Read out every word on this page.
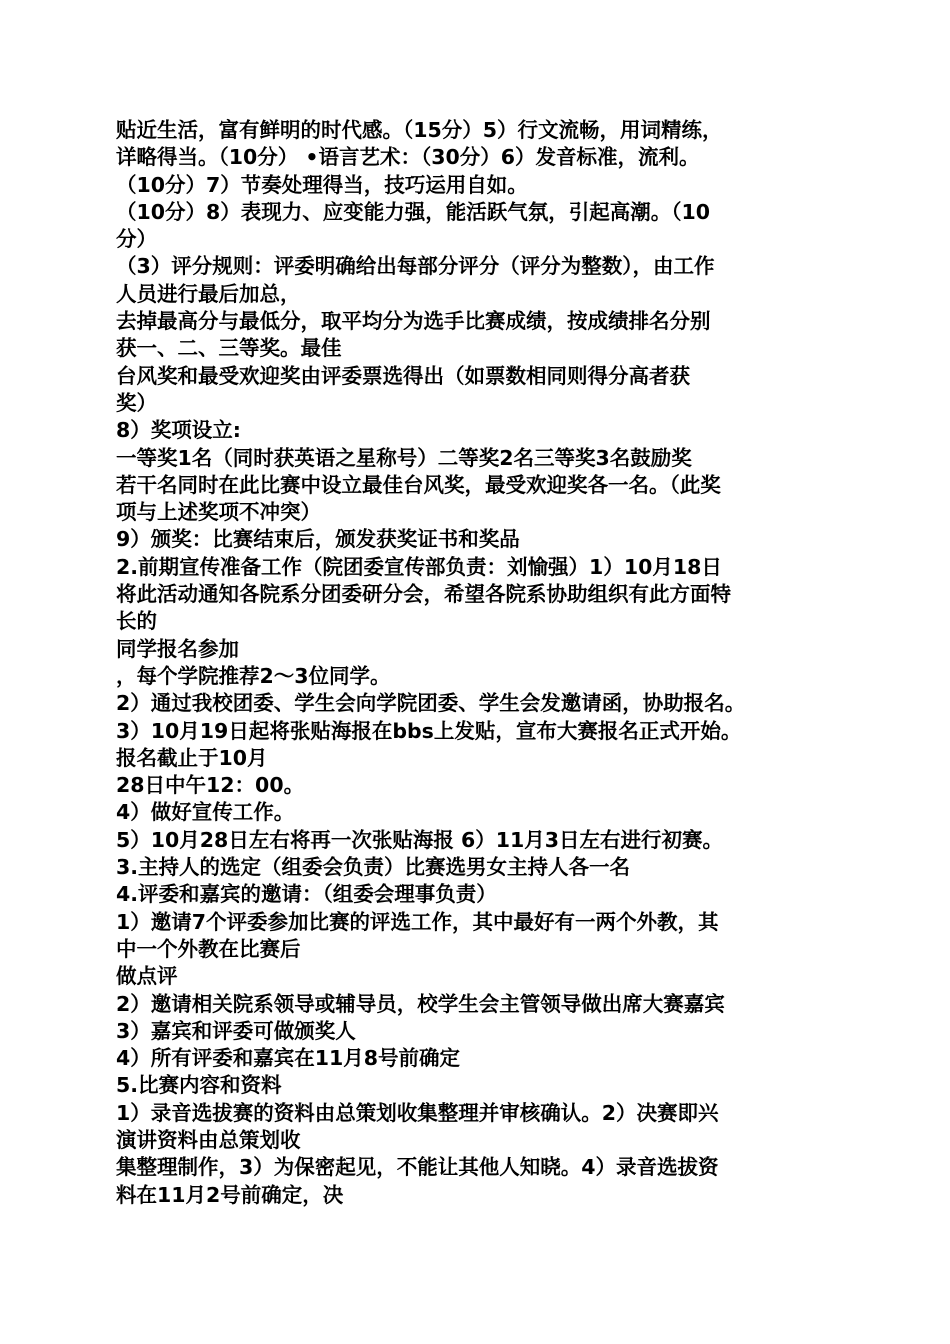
贴近生活，富有鲜明的时代感。（15分）5）行文流畅，用词精练，

详略得当。（10分） •语言艺术：（30分）6）发音标准，流利。

（10分）7）节奏处理得当，技巧运用自如。

（10分）8）表现力、应变能力强，能活跃气氛，引起高潮。（10

分）

（3）评分规则：评委明确给出每部分评分（评分为整数），由工作

人员进行最后加总，

去掉最高分与最低分，取平均分为选手比赛成绩，按成绩排名分别

获一、二、三等奖。最佳

台风奖和最受欢迎奖由评委票选得出（如票数相同则得分高者获

奖）

8）奖项设立:

一等奖1名（同时获英语之星称号）二等奖2名三等奖3名鼓励奖

若干名同时在此比赛中设立最佳台风奖，最受欢迎奖各一名。（此奖

项与上述奖项不冲突）

9）颁奖：比赛结束后，颁发获奖证书和奖品

2.前期宣传准备工作（院团委宣传部负责：刘愉强）1）10月18日

将此活动通知各院系分团委研分会，希望各院系协助组织有此方面特

长的

同学报名参加

，每个学院推荐2～3位同学。

2）通过我校团委、学生会向学院团委、学生会发邀请函，协助报名。

3）10月19日起将张贴海报在bbs上发贴，宣布大赛报名正式开始。

报名截止于10月

28日中午12：00。

4）做好宣传工作。

5）10月28日左右将再一次张贴海报 6）11月3日左右进行初赛。

3.主持人的选定（组委会负责）比赛选男女主持人各一名

4.评委和嘉宾的邀请：（组委会理事负责）

1）邀请7个评委参加比赛的评选工作，其中最好有一两个外教，其

中一个外教在比赛后

做点评

2）邀请相关院系领导或辅导员，校学生会主管领导做出席大赛嘉宾

3）嘉宾和评委可做颁奖人

4）所有评委和嘉宾在11月8号前确定

5.比赛内容和资料

1）录音选拔赛的资料由总策划收集整理并审核确认。2）决赛即兴

演讲资料由总策划收

集整理制作，3）为保密起见，不能让其他人知晓。4）录音选拔资

料在11月2号前确定，决
